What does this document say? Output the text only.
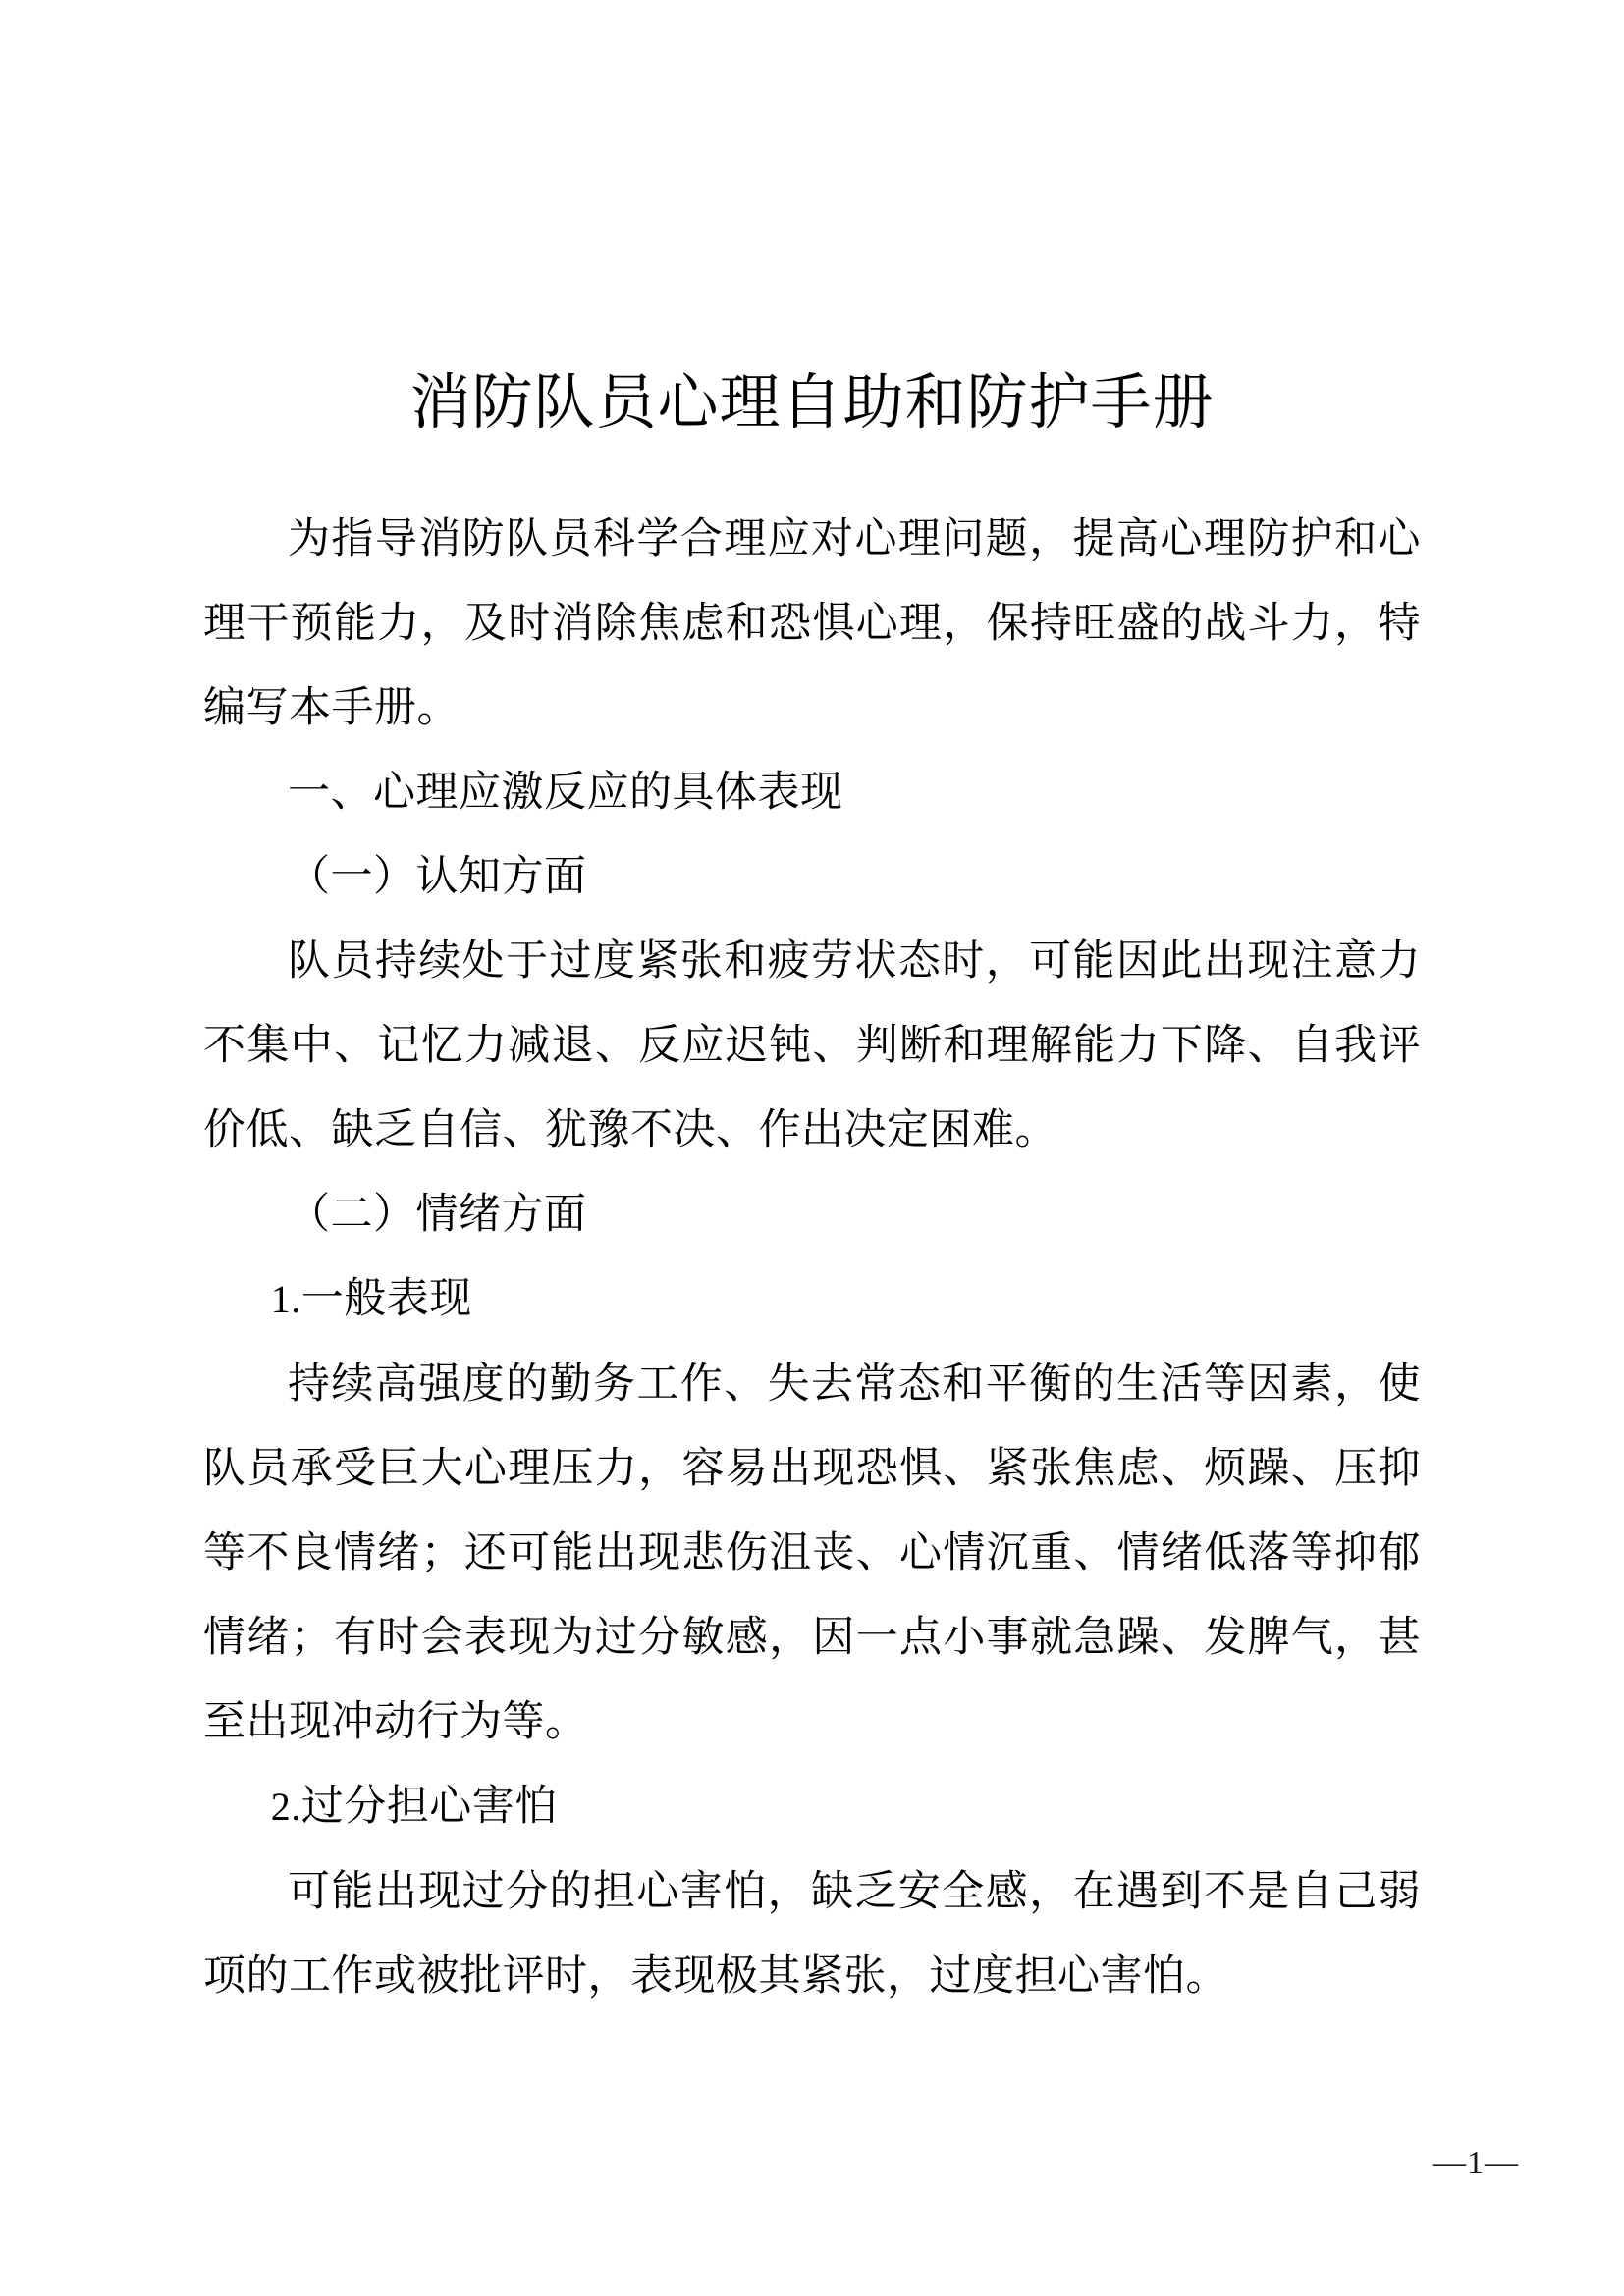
消防队员心理自助和防护手册

为指导消防队员科学合理应对心理问题，提高心理防护和心理干预能力，及时消除焦虑和恐惧心理，保持旺盛的战斗力，特编写本手册。

一、心理应激反应的具体表现

（一）认知方面

队员持续处于过度紧张和疲劳状态时，可能因此出现注意力不集中、记忆力减退、反应迟钝、判断和理解能力下降、自我评价低、缺乏自信、犹豫不决、作出决定困难。

（二）情绪方面

1.一般表现

持续高强度的勤务工作、失去常态和平衡的生活等因素，使队员承受巨大心理压力，容易出现恐惧、紧张焦虑、烦躁、压抑等不良情绪；还可能出现悲伤沮丧、心情沉重、情绪低落等抑郁情绪；有时会表现为过分敏感，因一点小事就急躁、发脾气，甚至出现冲动行为等。

2.过分担心害怕

可能出现过分的担心害怕，缺乏安全感，在遇到不是自己弱项的工作或被批评时，表现极其紧张，过度担心害怕。

—1—
